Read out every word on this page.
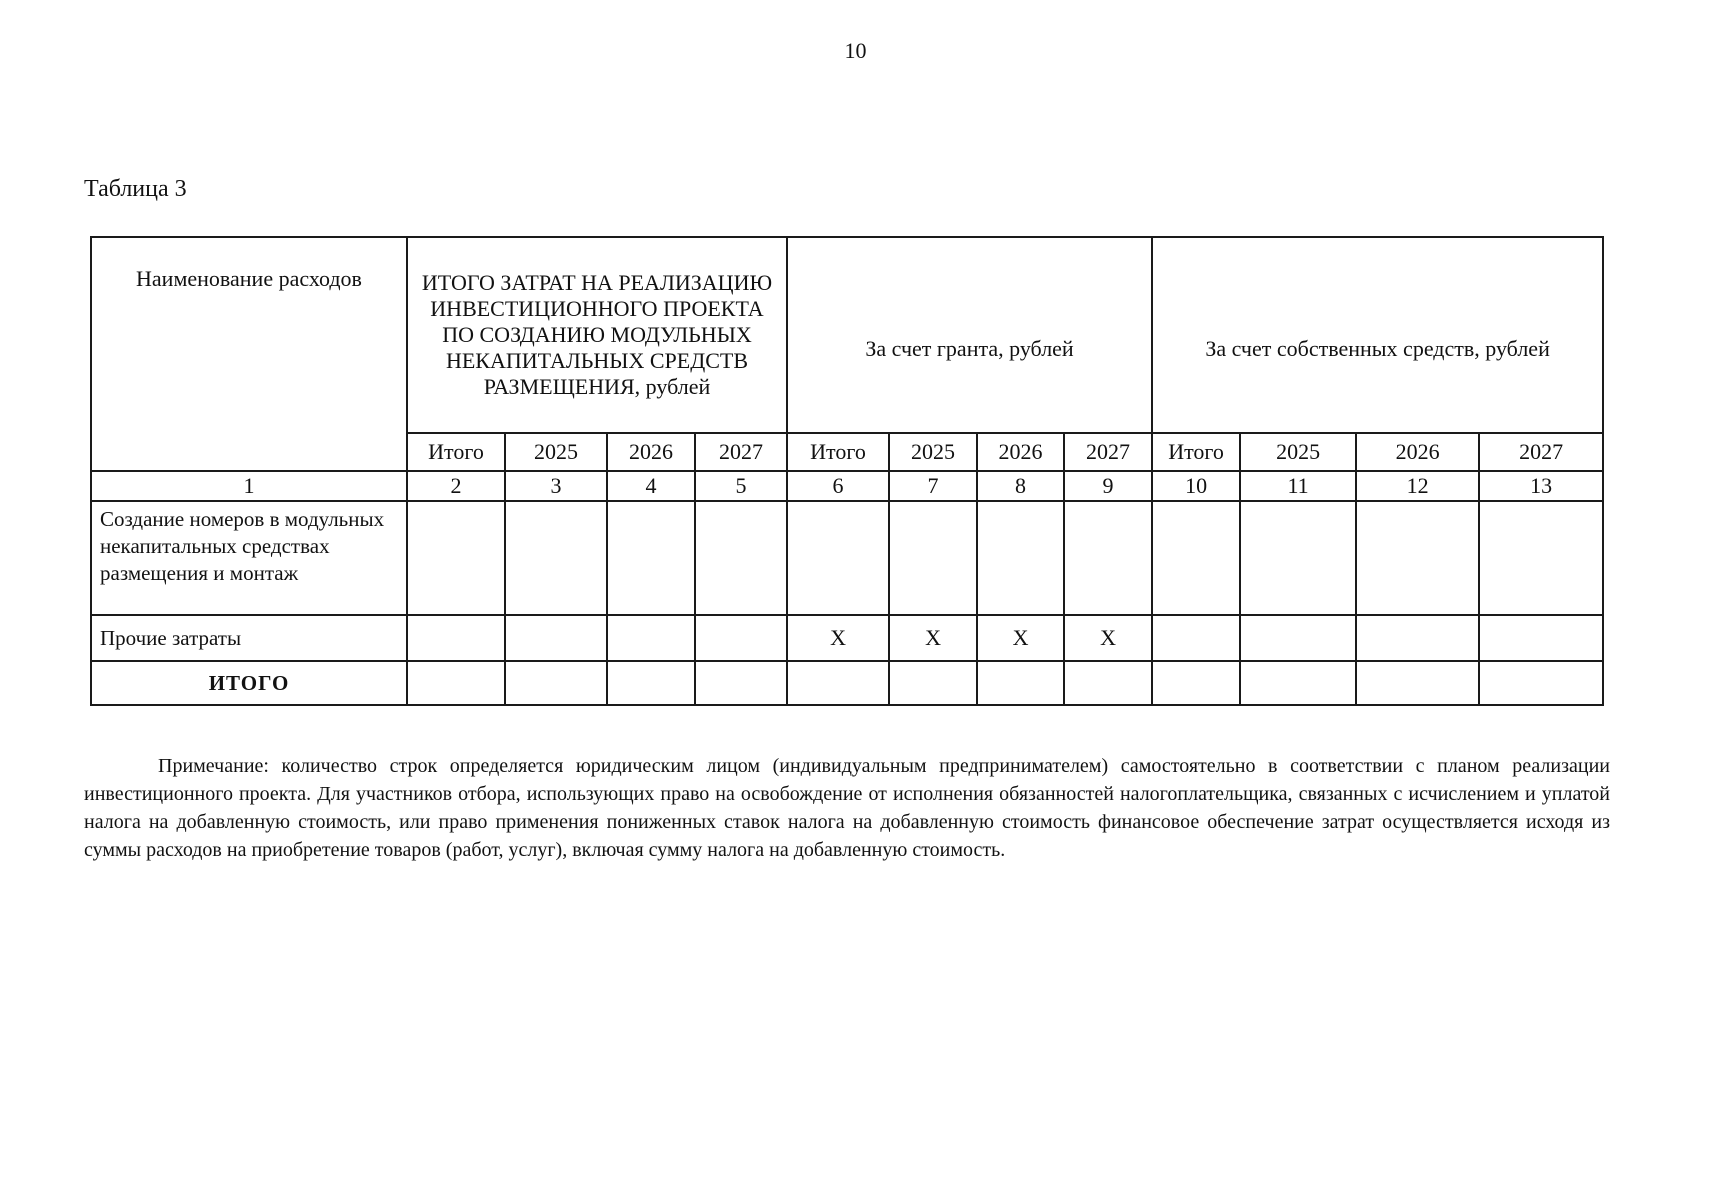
10
Таблица 3
Наименование расходов	ИТОГО ЗАТРАТ НА РЕАЛИЗАЦИЮ ИНВЕСТИЦИОННОГО ПРОЕКТА ПО СОЗДАНИЮ МОДУЛЬНЫХ НЕКАПИТАЛЬНЫХ СРЕДСТВ РАЗМЕЩЕНИЯ, рублей				За счет гранта, рублей				За счет собственных средств, рублей			
	Итого	2025	2026	2027	Итого	2025	2026	2027	Итого	2025	2026	2027
1	2	3	4	5	6	7	8	9	10	11	12	13
Создание номеров в модульных некапитальных средствах размещения и монтаж												
Прочие затраты					Х	Х	Х	Х				
ИТОГО												
Примечание: количество строк определяется юридическим лицом (индивидуальным предпринимателем) самостоятельно в соответствии с планом реализации инвестиционного проекта. Для участников отбора, использующих право на освобождение от исполнения обязанностей налогоплательщика, связанных с исчислением и уплатой налога на добавленную стоимость, или право применения пониженных ставок налога на добавленную стоимость финансовое обеспечение затрат осуществляется исходя из суммы расходов на приобретение товаров (работ, услуг), включая сумму налога на добавленную стоимость.
